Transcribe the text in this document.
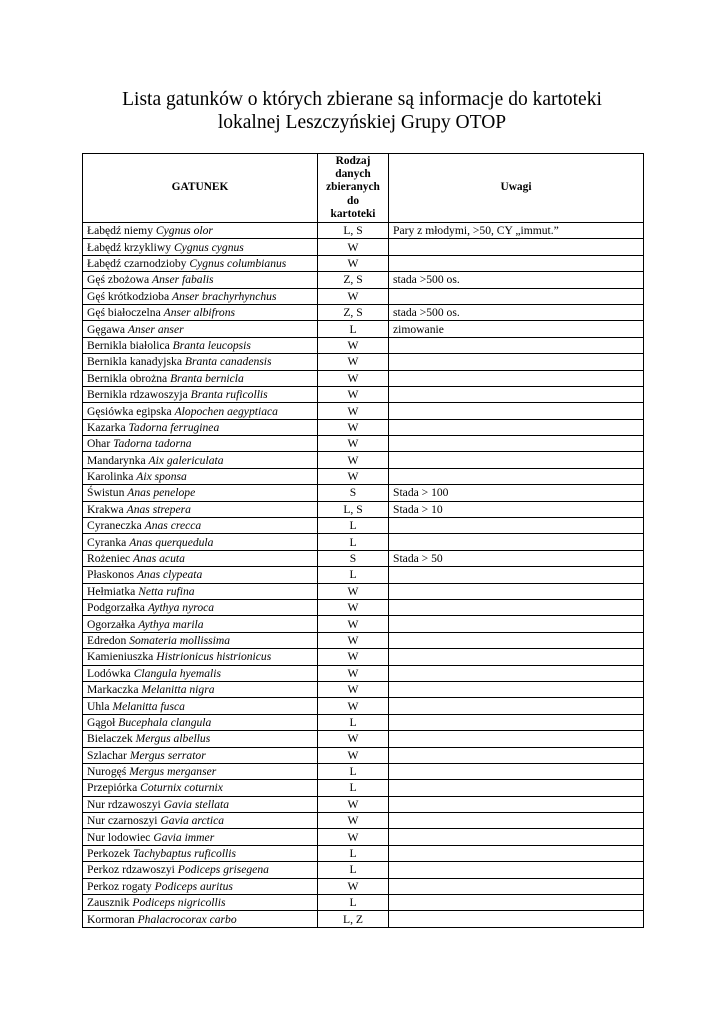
Lista gatunków o których zbierane są informacje do kartoteki
lokalnej Leszczyńskiej Grupy OTOP
GATUNEK	Rodzaj
danych
zbieranych
do
kartoteki	Uwagi
Łabędź niemy Cygnus olor	L, S	Pary z młodymi, >50, CY „immut.”
Łabędź krzykliwy Cygnus cygnus	W	
Łabędź czarnodzioby Cygnus columbianus	W	
Gęś zbożowa Anser fabalis	Z, S	stada >500 os.
Gęś krótkodzioba Anser brachyrhynchus	W	
Gęś białoczelna Anser albifrons	Z, S	stada >500 os.
Gęgawa Anser anser	L	zimowanie
Bernikla białolica Branta leucopsis	W	
Bernikla kanadyjska Branta canadensis	W	
Bernikla obrożna Branta bernicla	W	
Bernikla rdzawoszyja Branta ruficollis	W	
Gęsiówka egipska Alopochen aegyptiaca	W	
Kazarka Tadorna ferruginea	W	
Ohar Tadorna tadorna	W	
Mandarynka Aix galericulata	W	
Karolinka Aix sponsa	W	
Świstun Anas penelope	S	Stada > 100
Krakwa Anas strepera	L, S	Stada > 10
Cyraneczka Anas crecca	L	
Cyranka Anas querquedula	L	
Rożeniec Anas acuta	S	Stada > 50
Płaskonos Anas clypeata	L	
Hełmiatka Netta rufina	W	
Podgorzałka Aythya nyroca	W	
Ogorzałka Aythya marila	W	
Edredon Somateria mollissima	W	
Kamieniuszka Histrionicus histrionicus	W	
Lodówka Clangula hyemalis	W	
Markaczka Melanitta nigra	W	
Uhla Melanitta fusca	W	
Gągoł Bucephala clangula	L	
Bielaczek Mergus albellus	W	
Szlachar Mergus serrator	W	
Nurogęś Mergus merganser	L	
Przepiórka Coturnix coturnix	L	
Nur rdzawoszyi Gavia stellata	W	
Nur czarnoszyi Gavia arctica	W	
Nur lodowiec Gavia immer	W	
Perkozek Tachybaptus ruficollis	L	
Perkoz rdzawoszyi Podiceps grisegena	L	
Perkoz rogaty Podiceps auritus	W	
Zausznik Podiceps nigricollis	L	
Kormoran Phalacrocorax carbo	L, Z	
